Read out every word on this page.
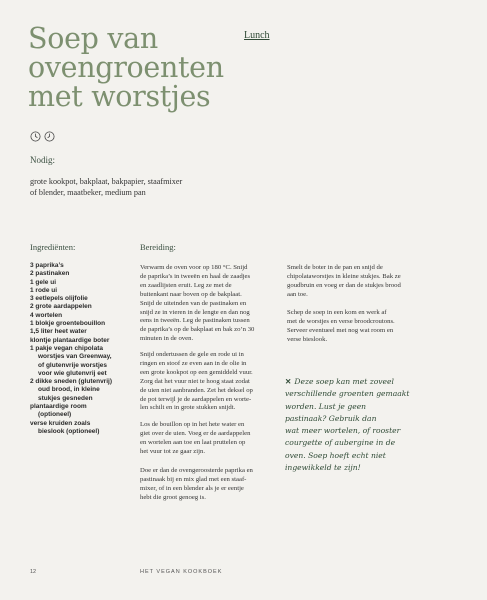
Soep van
ovengroenten
met worstjes
Lunch
Nodig:
grote kookpot, bakplaat, bakpapier, staafmixer
of blender, maatbeker, medium pan
Ingrediënten:
3 paprika’s
2 pastinaken
1 gele ui
1 rode ui
3 eetlepels olijfolie
2 grote aardappelen
4 wortelen
1 blokje groentebouillon
1,5 liter heet water
klontje plantaardige boter
1 pakje vegan chipolata
worstjes van Greenway,
of glutenvrije worstjes
voor wie glutenvrij eet
2 dikke sneden (glutenvrij)
oud brood, in kleine
stukjes gesneden
plantaardige room
(optioneel)
verse kruiden zoals
bieslook (optioneel)
Bereiding:

Verwarm de oven voor op 180 °C. Snijd
de paprika’s in tweeën en haal de zaadjes
en zaadlijsten eruit. Leg ze met de
buitenkant naar boven op de bakplaat.
Snijd de uiteinden van de pastinaken en
snijd ze in vieren in de lengte en dan nog
eens in tweeën. Leg de pastinaken tussen
de paprika’s op de bakplaat en bak zo’n 30
minuten in de oven.

Snijd ondertussen de gele en rode ui in
ringen en stoof ze even aan in de olie in
een grote kookpot op een gemiddeld vuur.
Zorg dat het vuur niet te hoog staat zodat
de uien niet aanbranden. Zet het deksel op
de pot terwijl je de aardappelen en worte-
len schilt en in grote stukken snijdt.

Los de bouillon op in het hete water en
giet over de uien. Voeg er de aardappelen
en wortelen aan toe en laat pruttelen op
het vuur tot ze gaar zijn.

Doe er dan de ovengeroosterde paprika en
pastinaak bij en mix glad met een staaf-
mixer, of in een blender als je er eentje
hebt die groot genoeg is.

Smelt de boter in de pan en snijd de
chipolataworstjes in kleine stukjes. Bak ze
goudbruin en voeg er dan de stukjes brood
aan toe.

Schep de soep in een kom en werk af
met de worstjes en verse broodcroutons.
Serveer eventueel met nog wat room en
verse bieslook.

✕ Deze soep kan met zoveel
verschillende groenten gemaakt
worden. Lust je geen
pastinaak? Gebruik dan
wat meer wortelen, of rooster
courgette of aubergine in de
oven. Soep hoeft echt niet
ingewikkeld te zijn!
12	HET VEGAN KOOKBOEK
